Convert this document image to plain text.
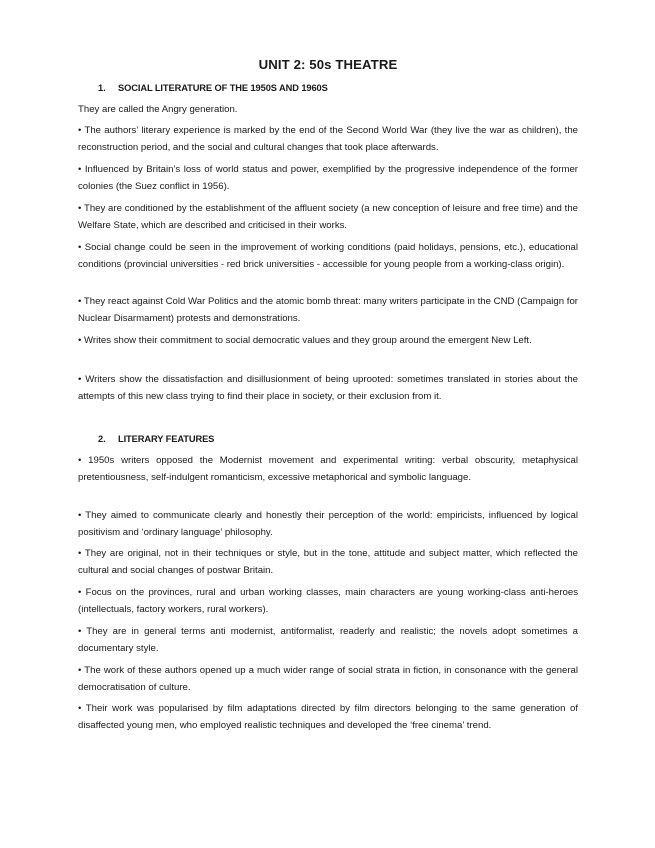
UNIT 2: 50s THEATRE
1. SOCIAL LITERATURE OF THE 1950S AND 1960S
They are called the Angry generation.
• The authors’ literary experience is marked by the end of the Second World War (they live the war as children), the reconstruction period, and the social and cultural changes that took place afterwards.
• Influenced by Britain’s loss of world status and power, exemplified by the progressive independence of the former colonies (the Suez conflict in 1956).
• They are conditioned by the establishment of the affluent society (a new conception of leisure and free time) and the Welfare State, which are described and criticised in their works.
• Social change could be seen in the improvement of working conditions (paid holidays, pensions, etc.), educational conditions (provincial universities - red brick universities - accessible for young people from a working-class origin).
• They react against Cold War Politics and the atomic bomb threat: many writers participate in the CND (Campaign for Nuclear Disarmament) protests and demonstrations.
• Writes show their commitment to social democratic values and they group around the emergent New Left.
• Writers show the dissatisfaction and disillusionment of being uprooted: sometimes translated in stories about the attempts of this new class trying to find their place in society, or their exclusion from it.
2. LITERARY FEATURES
• 1950s writers opposed the Modernist movement and experimental writing: verbal obscurity, metaphysical pretentiousness, self-indulgent romanticism, excessive metaphorical and symbolic language.
• They aimed to communicate clearly and honestly their perception of the world: empiricists, influenced by logical positivism and ‘ordinary language’ philosophy.
• They are original, not in their techniques or style, but in the tone, attitude and subject matter, which reflected the cultural and social changes of postwar Britain.
• Focus on the provinces, rural and urban working classes, main characters are young working-class anti-heroes (intellectuals, factory workers, rural workers).
• They are in general terms anti modernist, antiformalist, readerly and realistic; the novels adopt sometimes a documentary style.
• The work of these authors opened up a much wider range of social strata in fiction, in consonance with the general democratisation of culture.
• Their work was popularised by film adaptations directed by film directors belonging to the same generation of disaffected young men, who employed realistic techniques and developed the ‘free cinema’ trend.
